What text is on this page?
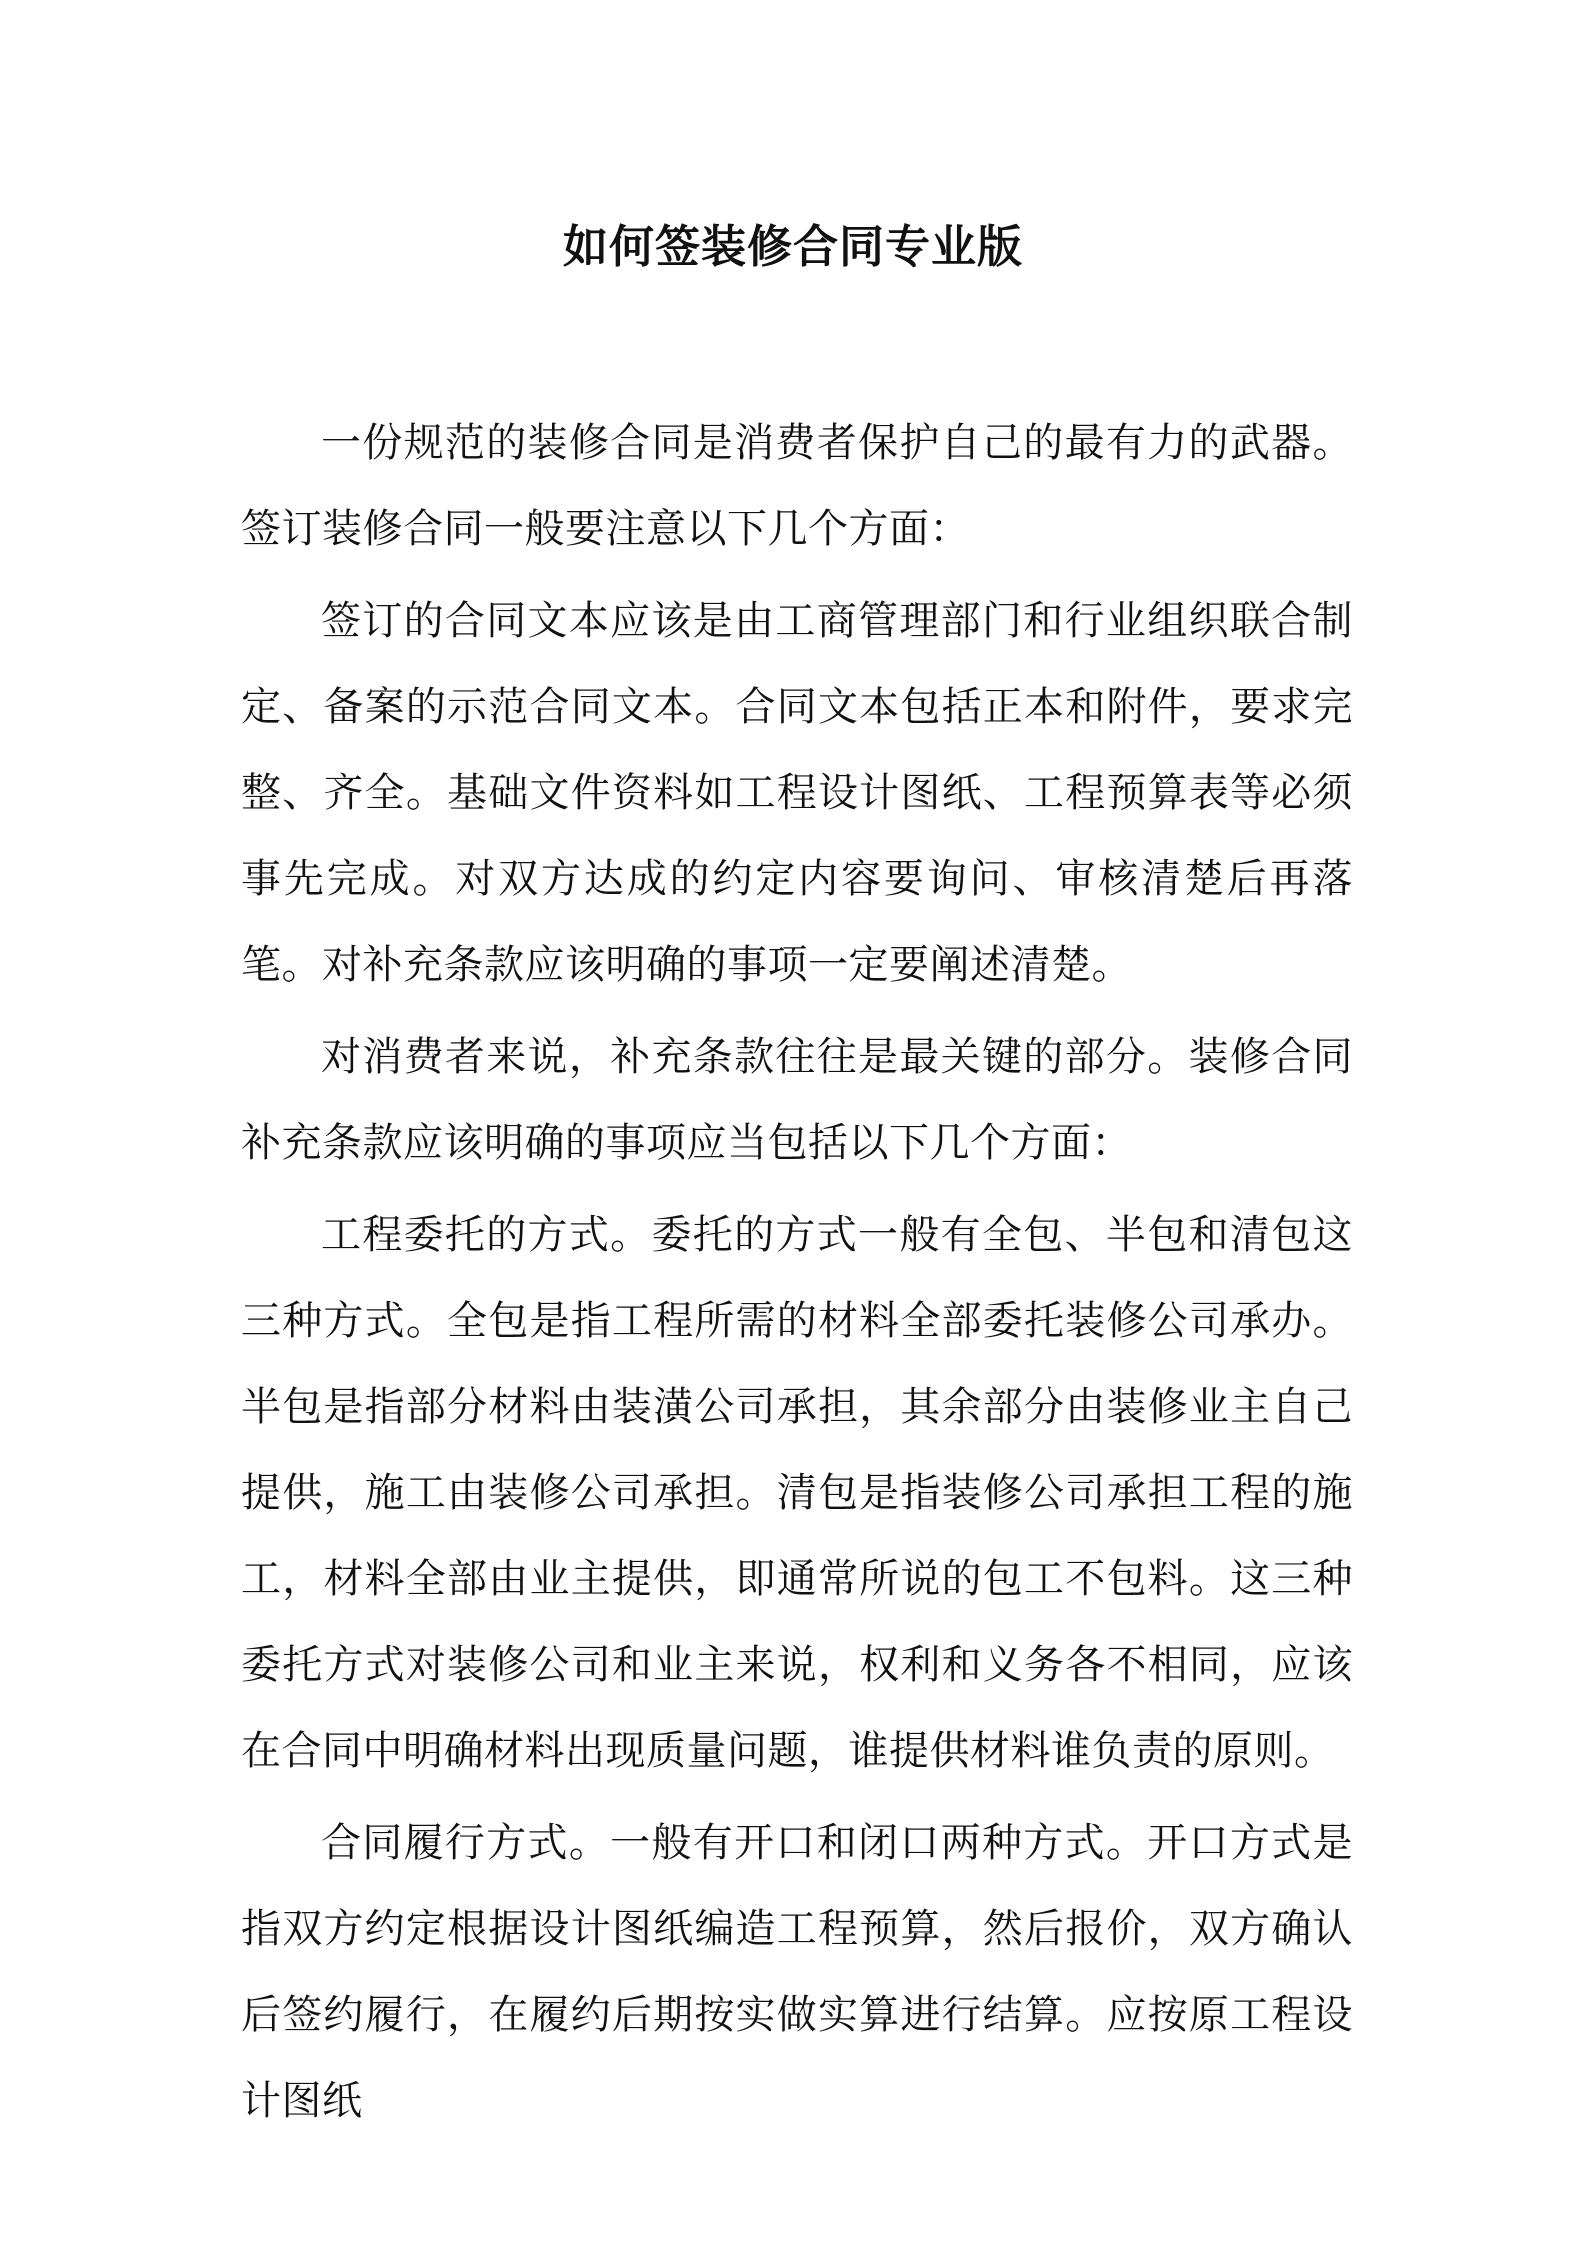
如何签装修合同专业版

一份规范的装修合同是消费者保护自己的最有力的武器。签订装修合同一般要注意以下几个方面：

签订的合同文本应该是由工商管理部门和行业组织联合制定、备案的示范合同文本。合同文本包括正本和附件，要求完整、齐全。基础文件资料如工程设计图纸、工程预算表等必须事先完成。对双方达成的约定内容要询问、审核清楚后再落笔。对补充条款应该明确的事项一定要阐述清楚。

对消费者来说，补充条款往往是最关键的部分。装修合同补充条款应该明确的事项应当包括以下几个方面：

工程委托的方式。委托的方式一般有全包、半包和清包这三种方式。全包是指工程所需的材料全部委托装修公司承办。半包是指部分材料由装潢公司承担，其余部分由装修业主自己提供，施工由装修公司承担。清包是指装修公司承担工程的施工，材料全部由业主提供，即通常所说的包工不包料。这三种委托方式对装修公司和业主来说，权利和义务各不相同，应该在合同中明确材料出现质量问题，谁提供材料谁负责的原则。

合同履行方式。一般有开口和闭口两种方式。开口方式是指双方约定根据设计图纸编造工程预算，然后报价，双方确认后签约履行，在履约后期按实做实算进行结算。应按原工程设计图纸
